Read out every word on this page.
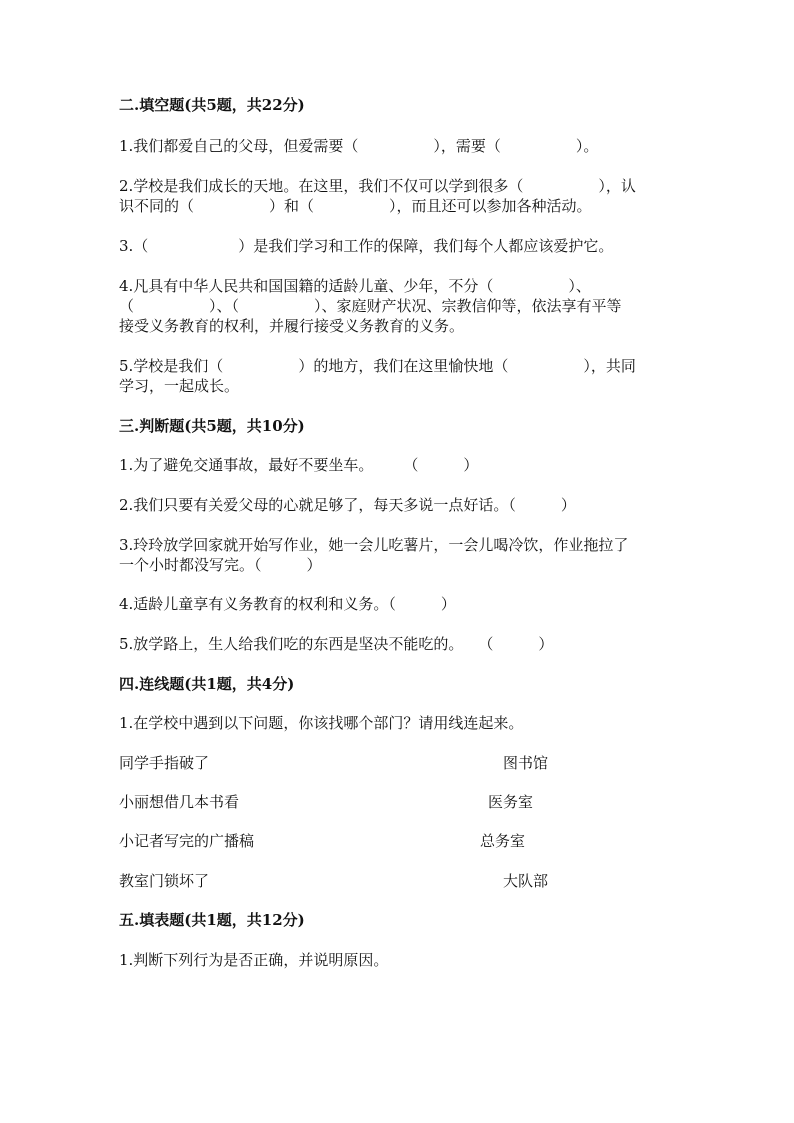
二.填空题(共5题，共22分)
1.我们都爱自己的父母，但爱需要（　　　　　），需要（　　　　　）。
2.学校是我们成长的天地。在这里，我们不仅可以学到很多（　　　　　），认
识不同的（　　　　　）和（　　　　　），而且还可以参加各种活动。
3.（　　　　　　）是我们学习和工作的保障，我们每个人都应该爱护它。
4.凡具有中华人民共和国国籍的适龄儿童、少年，不分（　　　　　）、
（　　　　　）、（　　　　　）、家庭财产状况、宗教信仰等，依法享有平等
接受义务教育的权利，并履行接受义务教育的义务。
5.学校是我们（　　　　　）的地方，我们在这里愉快地（　　　　　），共同
学习，一起成长。
三.判断题(共5题，共10分)
1.为了避免交通事故，最好不要坐车。　　　（　　　）
2.我们只要有关爱父母的心就足够了，每天多说一点好话。（　　　）
3.玲玲放学回家就开始写作业，她一会儿吃薯片，一会儿喝冷饮，作业拖拉了
一个小时都没写完。（　　　）
4.适龄儿童享有义务教育的权利和义务。（　　　）
5.放学路上，生人给我们吃的东西是坚决不能吃的。　　（　　　）
四.连线题(共1题，共4分)
1.在学校中遇到以下问题，你该找哪个部门？请用线连起来。
同学手指破了	图书馆
小丽想借几本书看	医务室
小记者写完的广播稿	总务室
教室门锁坏了	大队部
五.填表题(共1题，共12分)
1.判断下列行为是否正确，并说明原因。
